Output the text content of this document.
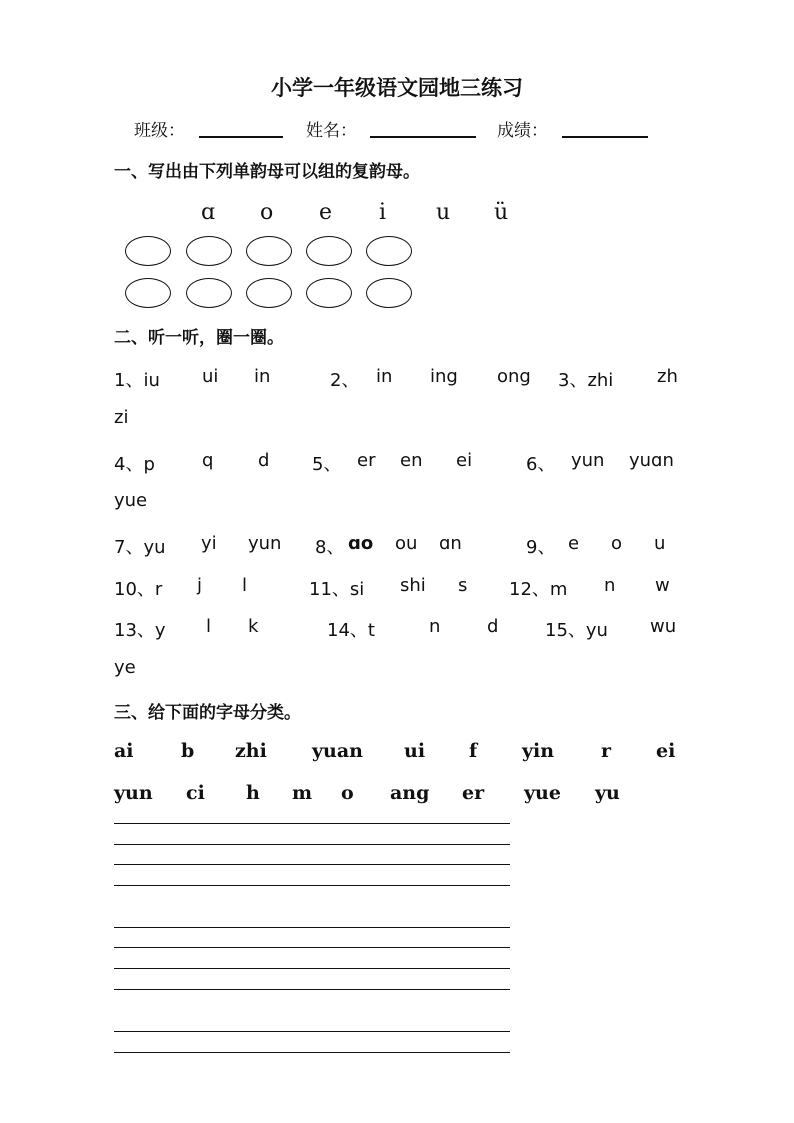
小学一年级语文园地三练习
班级：	姓名：	成绩：
一、写出由下列单韵母可以组的复韵母。
ɑ o e i u ü
二、听一听，圈一圈。
1、iu ui in	2、 in ing ong 3、zhi zh
zi
4、p	q d 5、 er en ei	6、 yun yuɑn
yue
7、yu yi yun 8、 ɑo ou ɑn	9、 e o u
10、r j l	11、si shi s 12、m n w
13、y l k	14、t	n	d	15、yu wu
ye
三、给下面的字母分类。
ai b zhi yuan ui f yin r ei
yun ci h m o ang er yue yu
